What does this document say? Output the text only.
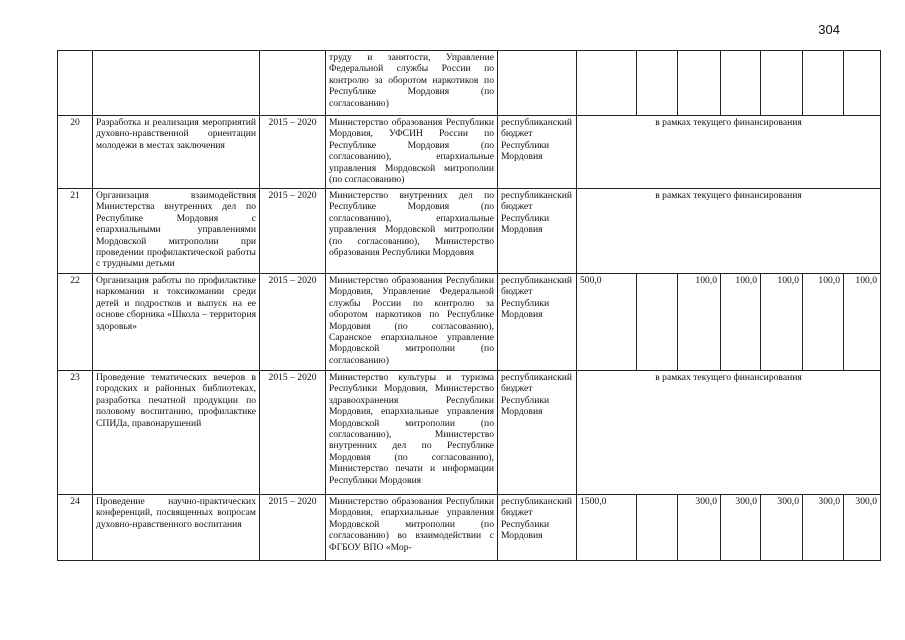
304
			труду и занятости, Управление Федеральной службы России по контролю за оборотом наркотиков по Республике Мордовия (по согласованию)								
20	Разработка и реализация мероприятий духовно-нравственной ориентации молодежи в местах заключения	2015 – 2020	Министерство образования Республики Мордовия, УФСИН России по Республике Мордовия (по согласованию), епархиальные управления Мордовской митрополии (по согласованию)	республиканский бюджет Республики Мордовия	в рамках текущего финансирования						
21	Организация взаимодействия Министерства внутренних дел по Республике Мордовия с епархиальными управлениями Мордовской митрополии при проведении профилактической работы с трудными детьми	2015 – 2020	Министерство внутренних дел по Республике Мордовия (по согласованию), епархиальные управления Мордовской митрополии (по согласованию), Министерство образования Республики Мордовия	республиканский бюджет Республики Мордовия	в рамках текущего финансирования						
22	Организация работы по профилактике наркомании и токсикомании среди детей и подростков и выпуск на ее основе сборника «Школа – территория здоровья»	2015 – 2020	Министерство образования Республики Мордовия, Управление Федеральной службы России по контролю за оборотом наркотиков по Республике Мордовия (по согласованию), Саранское епархиальное управление Мордовской митрополии (по согласованию)	республиканский бюджет Республики Мордовия	500,0		100,0	100,0	100,0	100,0	100,0
23	Проведение тематических вечеров в городских и районных библиотеках, разработка печатной продукции по половому воспитанию, профилактике СПИДа, правонарушений	2015 – 2020	Министерство культуры и туризма Республики Мордовия, Министерство здравоохранения Республики Мордовия, епархиальные управления Мордовской митрополии (по согласованию), Министерство внутренних дел по Республике Мордовия (по согласованию), Министерство печати и информации Республики Мордовия	республиканский бюджет Республики Мордовия	в рамках текущего финансирования						
24	Проведение научно-практических конференций, посвященных вопросам духовно-нравственного воспитания	2015 – 2020	Министерство образования Республики Мордовия, епархиальные управления Мордовской митрополии (по согласованию) во взаимодействии с ФГБОУ ВПО «Мор-	республиканский бюджет Республики Мордовия	1500,0		300,0	300,0	300,0	300,0	300,0
